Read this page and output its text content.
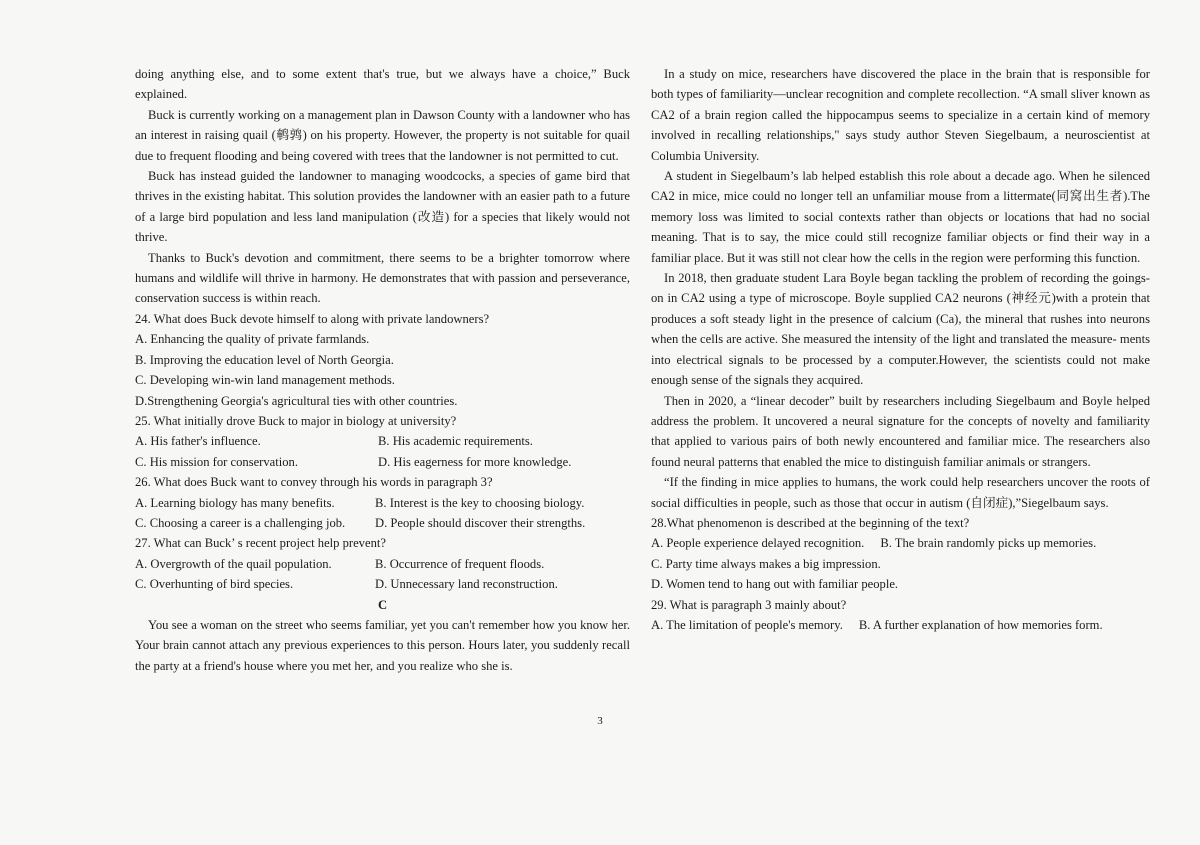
doing anything else, and to some extent that's true, but we always have a choice,” Buck explained.

Buck is currently working on a management plan in Dawson County with a landowner who has an interest in raising quail (鹌鹑) on his property. However, the property is not suitable for quail due to frequent flooding and being covered with trees that the landowner is not permitted to cut.

Buck has instead guided the landowner to managing woodcocks, a species of game bird that thrives in the existing habitat. This solution provides the landowner with an easier path to a future of a large bird population and less land manipulation (改造) for a species that likely would not thrive.

Thanks to Buck's devotion and commitment, there seems to be a brighter tomorrow where humans and wildlife will thrive in harmony. He demonstrates that with passion and perseverance, conservation success is within reach.

24. What does Buck devote himself to along with private landowners?

A. Enhancing the quality of private farmlands.

B. Improving the education level of North Georgia.

C. Developing win-win land management methods.

D.Strengthening Georgia's agricultural ties with other countries.

25. What initially drove Buck to major in biology at university?

A. His father's influence.	B. His academic requirements.
C. His mission for conservation.	D. His eagerness for more knowledge.

26. What does Buck want to convey through his words in paragraph 3?

A. Learning biology has many benefits.	B. Interest is the key to choosing biology.
C. Choosing a career is a challenging job.	D. People should discover their strengths.

27. What can Buck’ s recent project help prevent?

A. Overgrowth of the quail population.	B. Occurrence of frequent floods.
C. Overhunting of bird species.	D. Unnecessary land reconstruction.

C

You see a woman on the street who seems familiar, yet you can't remember how you know her. Your brain cannot attach any previous experiences to this person. Hours later, you suddenly recall the party at a friend's house where you met her, and you realize who she is.

In a study on mice, researchers have discovered the place in the brain that is responsible for both types of familiarity—unclear recognition and complete recollection. “A small sliver known as CA2 of a brain region called the hippocampus seems to specialize in a certain kind of memory involved in recalling relationships," says study author Steven Siegelbaum, a neuroscientist at Columbia University.

A student in Siegelbaum’s lab helped establish this role about a decade ago. When he silenced CA2 in mice, mice could no longer tell an unfamiliar mouse from a littermate(同窝出生者).The memory loss was limited to social contexts rather than objects or locations that had no social meaning. That is to say, the mice could still recognize familiar objects or find their way in a familiar place. But it was still not clear how the cells in the region were performing this function.

In 2018, then graduate student Lara Boyle began tackling the problem of recording the goings-on in CA2 using a type of microscope. Boyle supplied CA2 neurons (神经元)with a protein that produces a soft steady light in the presence of calcium (Ca), the mineral that rushes into neurons when the cells are active. She measured the intensity of the light and translated the measure- ments into electrical signals to be processed by a computer.However, the scientists could not make enough sense of the signals they acquired.

Then in 2020, a “linear decoder” built by researchers including Siegelbaum and Boyle helped address the problem. It uncovered a neural signature for the concepts of novelty and familiarity that applied to various pairs of both newly encountered and familiar mice. The researchers also found neural patterns that enabled the mice to distinguish familiar animals or strangers.

“If the finding in mice applies to humans, the work could help researchers uncover the roots of social difficulties in people, such as those that occur in autism (自闭症),”Siegelbaum says.

28.What phenomenon is described at the beginning of the text?

A. People experience delayed recognition. B. The brain randomly picks up memories.

C. Party time always makes a big impression.

D. Women tend to hang out with familiar people.

29. What is paragraph 3 mainly about?

A. The limitation of people's memory. B. A further explanation of how memories form.

3
